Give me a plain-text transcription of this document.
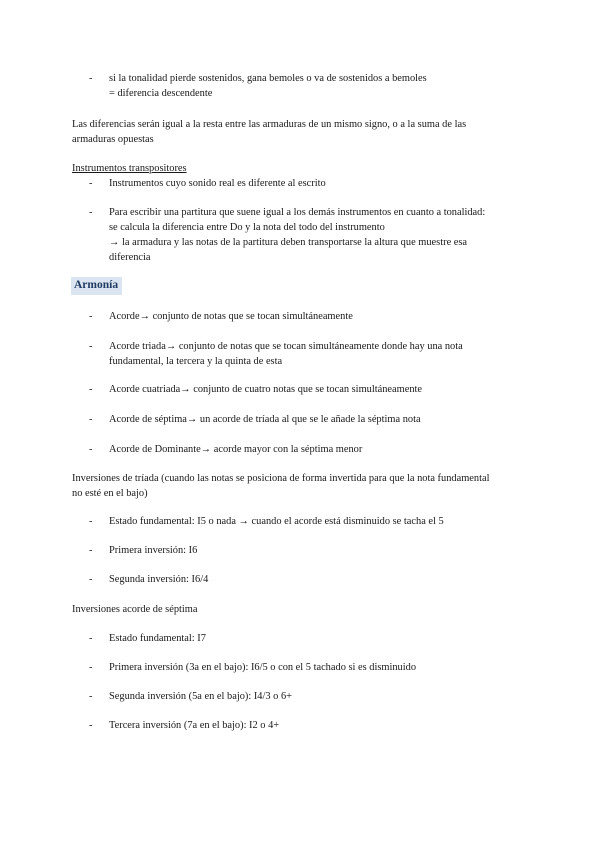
- si la tonalidad pierde sostenidos, gana bemoles o va de sostenidos a bemoles
= diferencia descendente
Las diferencias serán igual a la resta entre las armaduras de un mismo signo, o a la suma de las
armaduras opuestas
Instrumentos transpositores
- Instrumentos cuyo sonido real es diferente al escrito
- Para escribir una partitura que suene igual a los demás instrumentos en cuanto a tonalidad:
se calcula la diferencia entre Do y la nota del todo del instrumento
→ la armadura y las notas de la partitura deben transportarse la altura que muestre esa
diferencia
Armonía
- Acorde→ conjunto de notas que se tocan simultáneamente
- Acorde triada→ conjunto de notas que se tocan simultáneamente donde hay una nota
fundamental, la tercera y la quinta de esta
- Acorde cuatriada→ conjunto de cuatro notas que se tocan simultáneamente
- Acorde de séptima→ un acorde de tríada al que se le añade la séptima nota
- Acorde de Dominante→ acorde mayor con la séptima menor
Inversiones de tríada (cuando las notas se posiciona de forma invertida para que la nota fundamental
no esté en el bajo)
- Estado fundamental: I5 o nada → cuando el acorde está disminuido se tacha el 5
- Primera inversión: I6
- Segunda inversión: I6/4
Inversiones acorde de séptima
- Estado fundamental: I7
- Primera inversión (3a en el bajo): I6/5 o con el 5 tachado si es disminuido
- Segunda inversión (5a en el bajo): I4/3 o 6+
- Tercera inversión (7a en el bajo): I2 o 4+
